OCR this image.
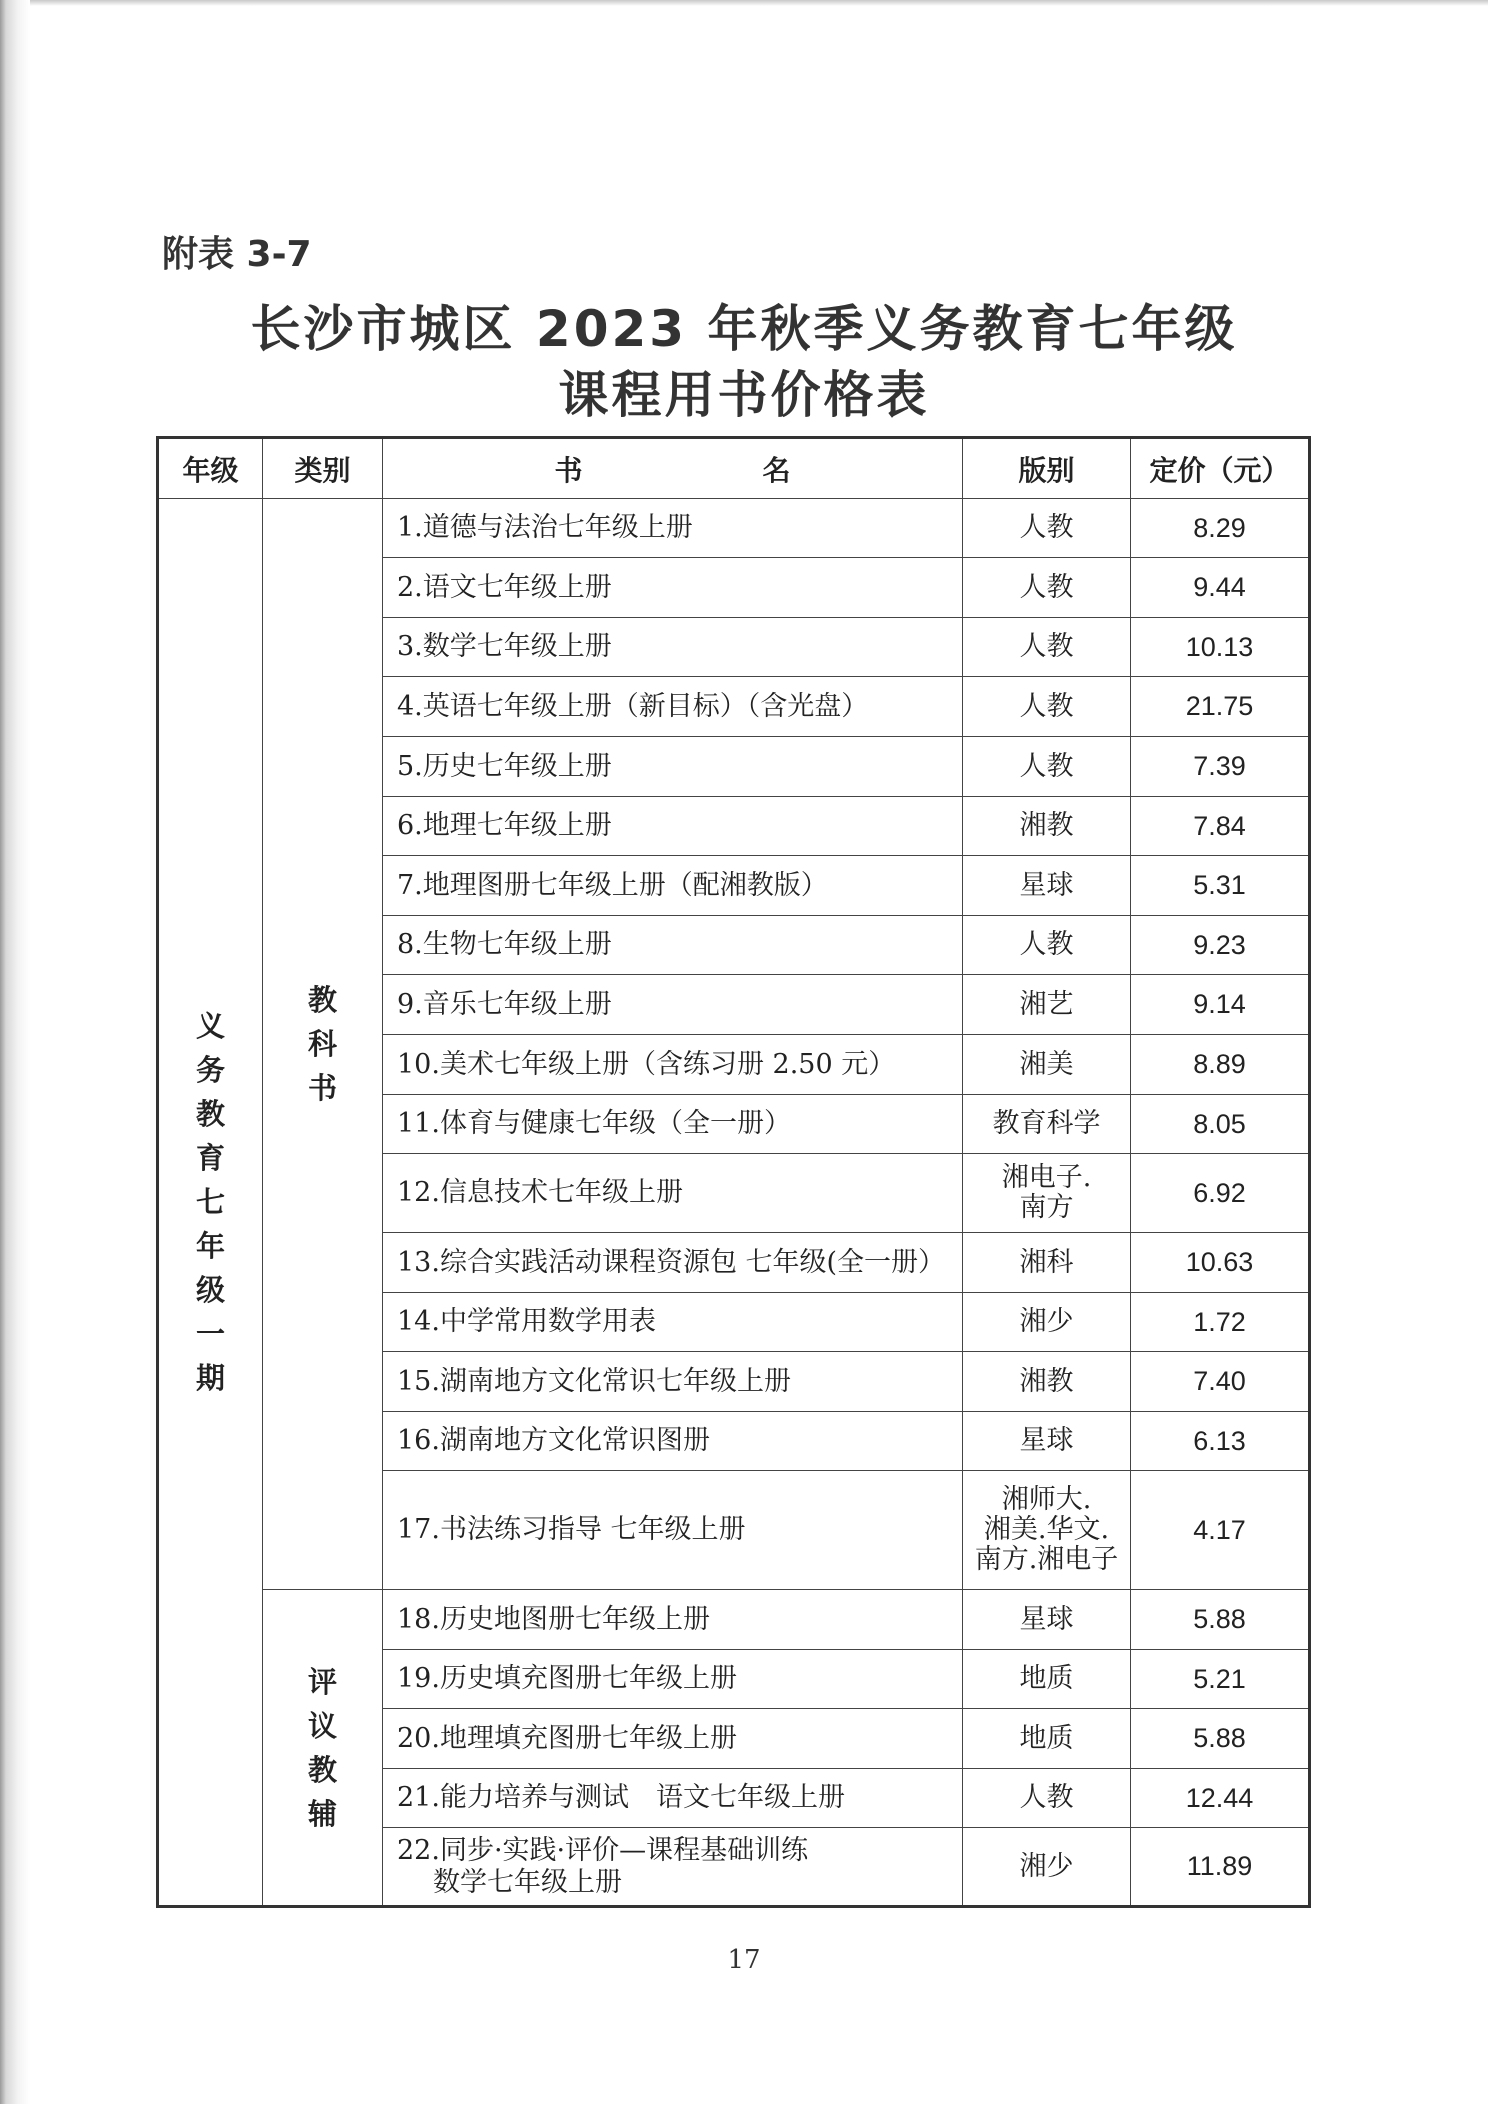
附表 3-7
长沙市城区 2023 年秋季义务教育七年级
课程用书价格表
年级	类别	书 名	版别	定价（元）
义务教育七年级一期	教科书	1.道德与法治七年级上册	人教	8.29
		2.语文七年级上册	人教	9.44
		3.数学七年级上册	人教	10.13
		4.英语七年级上册（新目标）（含光盘）	人教	21.75
		5.历史七年级上册	人教	7.39
		6.地理七年级上册	湘教	7.84
		7.地理图册七年级上册（配湘教版）	星球	5.31
		8.生物七年级上册	人教	9.23
		9.音乐七年级上册	湘艺	9.14
		10.美术七年级上册（含练习册 2.50 元）	湘美	8.89
		11.体育与健康七年级（全一册）	教育科学	8.05
		12.信息技术七年级上册	湘电子.
南方	6.92
		13.综合实践活动课程资源包 七年级(全一册）	湘科	10.63
		14.中学常用数学用表	湘少	1.72
		15.湖南地方文化常识七年级上册	湘教	7.40
		16.湖南地方文化常识图册	星球	6.13
		17.书法练习指导 七年级上册	湘师大.
湘美.华文.
南方.湘电子	4.17
	评议教辅	18.历史地图册七年级上册	星球	5.88
		19.历史填充图册七年级上册	地质	5.21
		20.地理填充图册七年级上册	地质	5.88
		21.能力培养与测试　语文七年级上册	人教	12.44

		22.同步·实践·评价—课程基础训练
数学七年级上册	湘少	11.89
17
